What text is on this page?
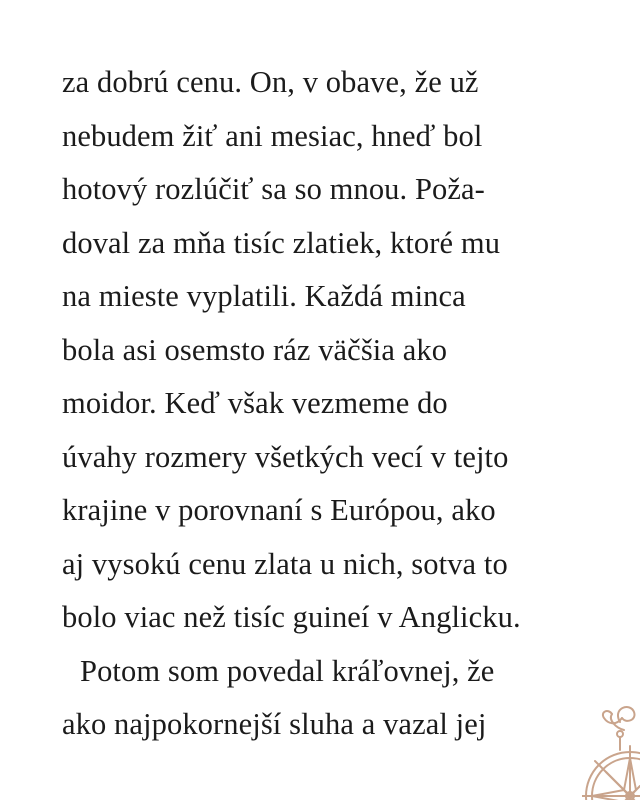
za dobrú cenu. On, v obave, že už
nebudem žiť ani mesiac, hneď bol
hotový rozlúčiť sa so mnou. Poža-
doval za mňa tisíc zlatiek, ktoré mu
na mieste vyplatili. Každá minca
bola asi osemsto ráz väčšia ako
moidor. Keď však vezmeme do
úvahy rozmery všetkých vecí v tejto
krajine v porovnaní s Európou, ako
aj vysokú cenu zlata u nich, sotva to
bolo viac než tisíc guineí v Anglicku.
Potom som povedal kráľovnej, že
ako najpokornejší sluha a vazal jej
